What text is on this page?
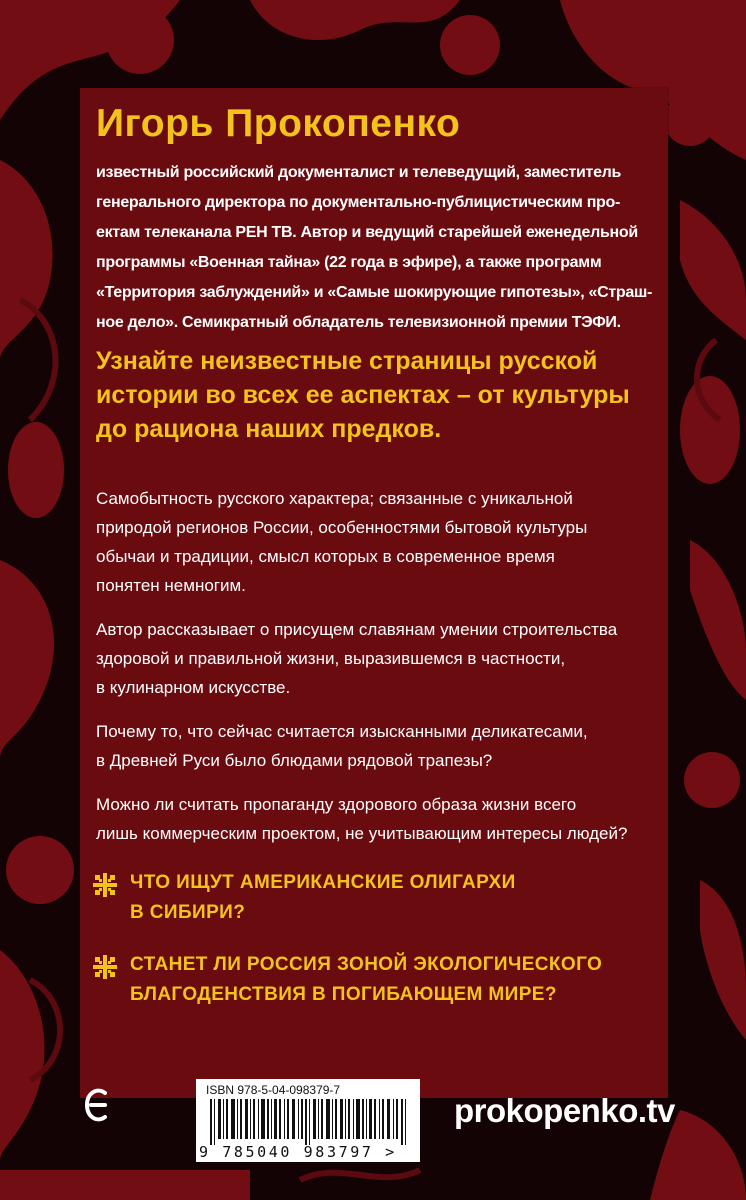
Игорь Прокопенко
известный российский документалист и телеведущий, заместитель
генерального директора по документально-публицистическим про-
ектам телеканала РЕН ТВ. Автор и ведущий старейшей еженедельной
программы «Военная тайна» (22 года в эфире), а также программ
«Территория заблуждений» и «Самые шокирующие гипотезы», «Страш-
ное дело». Семикратный обладатель телевизионной премии ТЭФИ.
Узнайте неизвестные страницы русской
истории во всех ее аспектах – от культуры
до рациона наших предков.

Самобытность русского характера; связанные с уникальной
природой регионов России, особенностями бытовой культуры
обычаи и традиции, смысл которых в современное время
понятен немногим.

Автор рассказывает о присущем славянам умении строительства
здоровой и правильной жизни, выразившемся в частности,
в кулинарном искусстве.

Почему то, что сейчас считается изысканными деликатесами,
в Древней Руси было блюдами рядовой трапезы?

Можно ли считать пропаганду здорового образа жизни всего
лишь коммерческим проектом, не учитывающим интересы людей?

ЧТО ИЩУТ АМЕРИКАНСКИЕ ОЛИГАРХИ
В СИБИРИ?
СТАНЕТ ЛИ РОССИЯ ЗОНОЙ ЭКОЛОГИЧЕСКОГО
БЛАГОДЕНСТВИЯ В ПОГИБАЮЩЕМ МИРЕ?
ISBN 978-5-04-098379-7
9 785040 983797 >

prokopenko.tv
